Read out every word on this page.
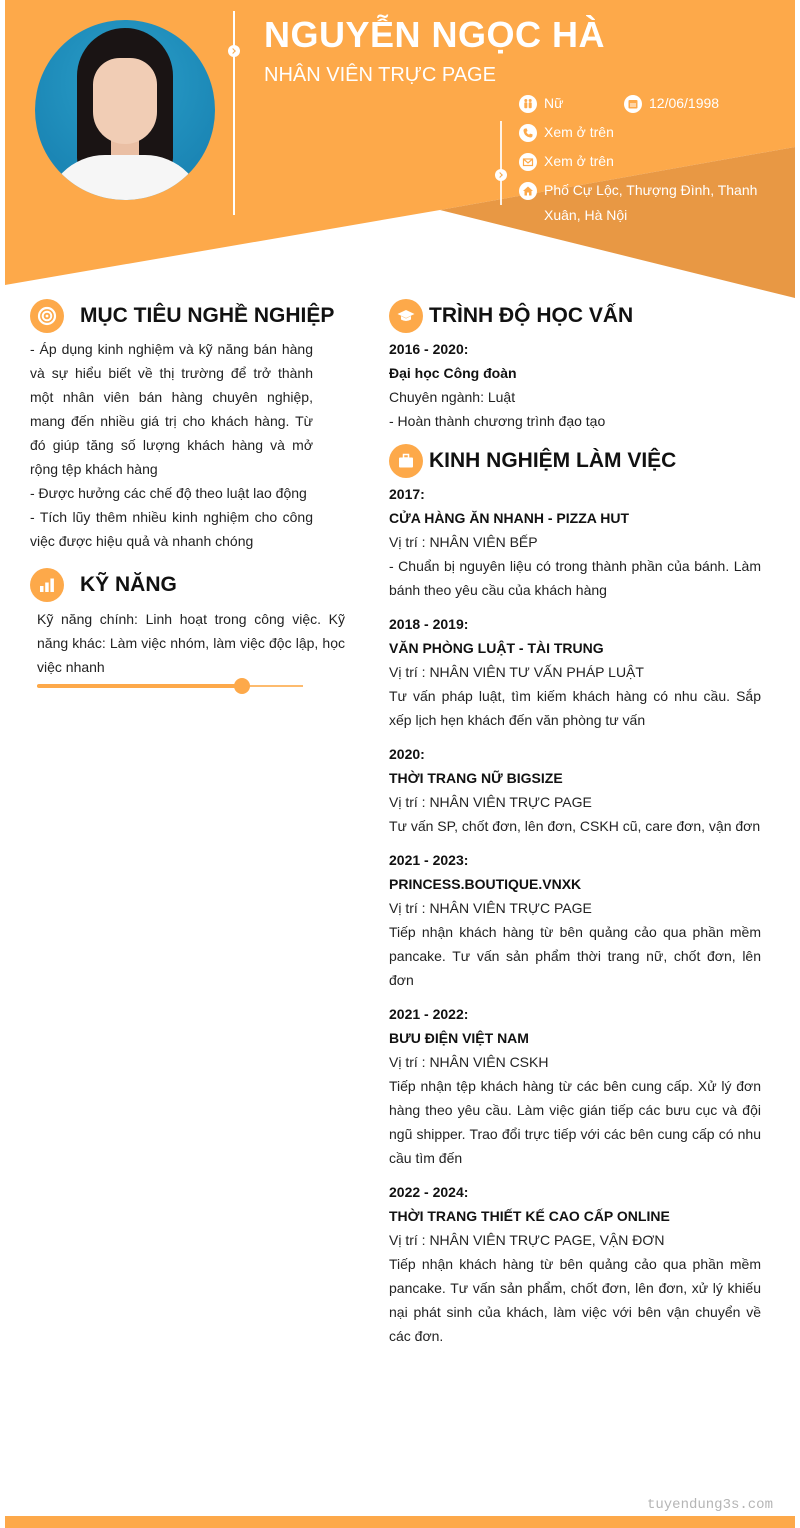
NGUYỄN NGỌC HÀ
NHÂN VIÊN TRỰC PAGE
Nữ	12/06/1998
Xem ở trên
Xem ở trên
Phố Cự Lộc, Thượng Đình, Thanh Xuân, Hà Nội
MỤC TIÊU NGHỀ NGHIỆP

- Áp dụng kinh nghiệm và kỹ năng bán hàng và sự hiểu biết về thị trường để trở thành một nhân viên bán hàng chuyên nghiệp, mang đến nhiều giá trị cho khách hàng. Từ đó giúp tăng số lượng khách hàng và mở rộng tệp khách hàng

- Được hưởng các chế độ theo luật lao động

- Tích lũy thêm nhiều kinh nghiệm cho công việc được hiệu quả và nhanh chóng

KỸ NĂNG
Kỹ năng chính: Linh hoạt trong công việc. Kỹ năng khác: Làm việc nhóm, làm việc độc lập, học việc nhanh
TRÌNH ĐỘ HỌC VẤN

2016 - 2020:

Đại học Công đoàn

Chuyên ngành: Luật

- Hoàn thành chương trình đạo tạo

KINH NGHIỆM LÀM VIỆC

2017:

CỬA HÀNG ĂN NHANH - PIZZA HUT

Vị trí : NHÂN VIÊN BẾP

- Chuẩn bị nguyên liệu có trong thành phần của bánh. Làm bánh theo yêu cầu của khách hàng

2018 - 2019:

VĂN PHÒNG LUẬT - TÀI TRUNG

Vị trí : NHÂN VIÊN TƯ VẤN PHÁP LUẬT

Tư vấn pháp luật, tìm kiếm khách hàng có nhu cầu. Sắp xếp lịch hẹn khách đến văn phòng tư vấn

2020:

THỜI TRANG NỮ BIGSIZE

Vị trí : NHÂN VIÊN TRỰC PAGE

Tư vấn SP, chốt đơn, lên đơn, CSKH cũ, care đơn, vận đơn

2021 - 2023:

PRINCESS.BOUTIQUE.VNXK

Vị trí : NHÂN VIÊN TRỰC PAGE

Tiếp nhận khách hàng từ bên quảng cảo qua phần mềm pancake. Tư vấn sản phẩm thời trang nữ, chốt đơn, lên đơn

2021 - 2022:

BƯU ĐIỆN VIỆT NAM

Vị trí : NHÂN VIÊN CSKH

Tiếp nhận tệp khách hàng từ các bên cung cấp. Xử lý đơn hàng theo yêu cầu. Làm việc gián tiếp các bưu cục và đội ngũ shipper. Trao đổi trực tiếp với các bên cung cấp có nhu cầu tìm đến

2022 - 2024:

THỜI TRANG THIẾT KẾ CAO CẤP ONLINE

Vị trí : NHÂN VIÊN TRỰC PAGE, VẬN ĐƠN

Tiếp nhận khách hàng từ bên quảng cảo qua phần mềm pancake. Tư vấn sản phẩm, chốt đơn, lên đơn, xử lý khiếu nại phát sinh của khách, làm việc với bên vận chuyển về các đơn.

tuyendung3s.com
